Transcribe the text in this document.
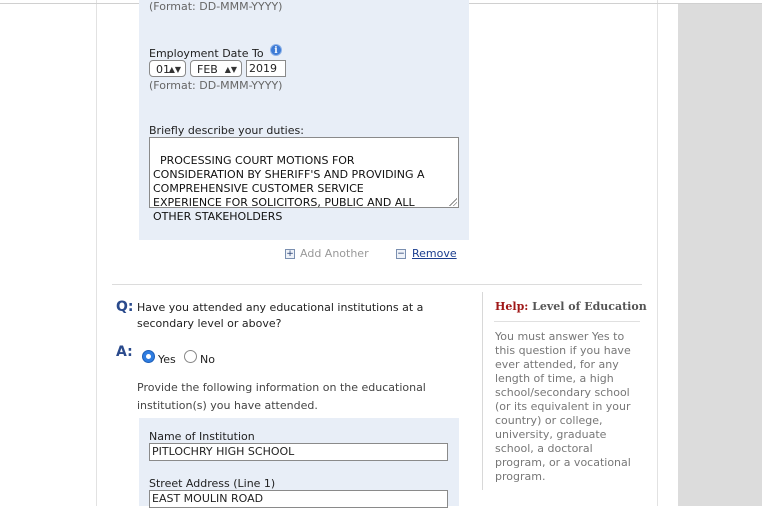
(Format: DD-MMM-YYYY)
Employment Date To	i
01
▲▼	FEB ▲▼ 2019
(Format: DD-MMM-YYYY)
Briefly describe your duties:

PROCESSING COURT MOTIONS FOR
CONSIDERATION BY SHERIFF'S AND PROVIDING A
COMPREHENSIVE CUSTOMER SERVICE
EXPERIENCE FOR SOLICITORS, PUBLIC AND ALL
OTHER STAKEHOLDERS

+ Add Another	− Remove
Q: Have you attended any educational institutions at a secondary level or above?
A: Yes No
Provide the following information on the educational institution(s) you have attended.
Name of Institution
PITLOCHRY HIGH SCHOOL
Street Address (Line 1)
EAST MOULIN ROAD
Help: Level of Education
You must answer Yes to this question if you have ever attended, for any length of time, a high school/secondary school (or its equivalent in your country) or college, university, graduate school, a doctoral program, or a vocational program.
